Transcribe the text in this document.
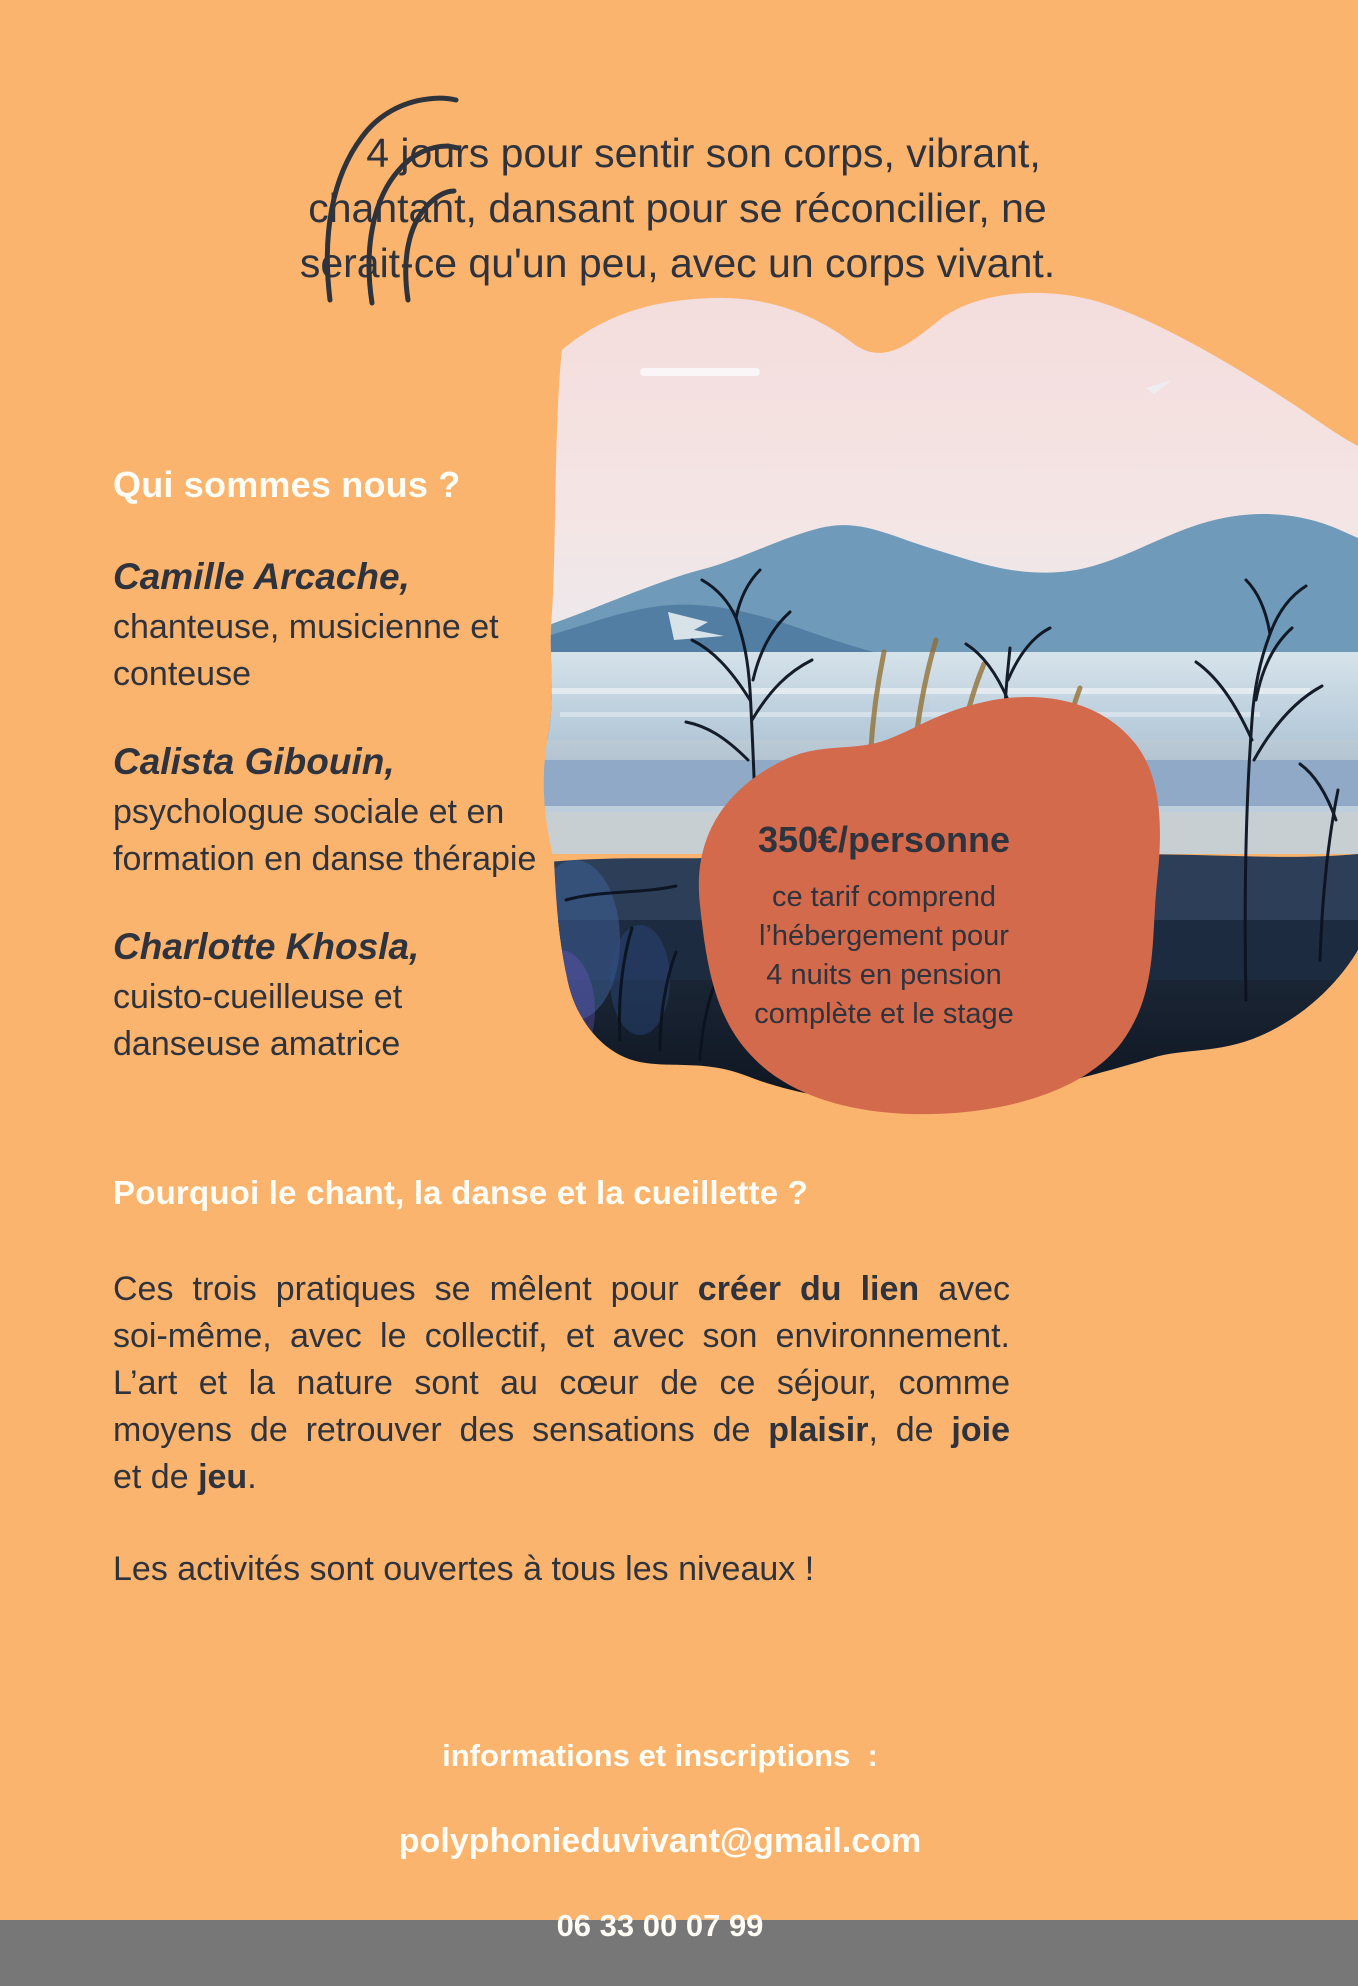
4 jours pour sentir son corps, vibrant,
chantant, dansant pour se réconcilier, ne
serait-ce qu'un peu, avec un corps vivant.
Qui sommes nous ?
Camille Arcache,
chanteuse, musicienne et
conteuse
Calista Gibouin,
psychologue sociale et en
formation en danse thérapie
Charlotte Khosla,
cuisto-cueilleuse et
danseuse amatrice
350€/personne
ce tarif comprend
l’hébergement pour
4 nuits en pension
complète et le stage
Pourquoi le chant, la danse et la cueillette ?
Ces trois pratiques se mêlent pour créer du lien avec
soi-même, avec le collectif, et avec son environnement.
L’art et la nature sont au cœur de ce séjour, comme
moyens de retrouver des sensations de plaisir, de joie
et de jeu.
Les activités sont ouvertes à tous les niveaux !

informations et inscriptions  :

polyphonieduvivant@gmail.com

06 33 00 07 99
